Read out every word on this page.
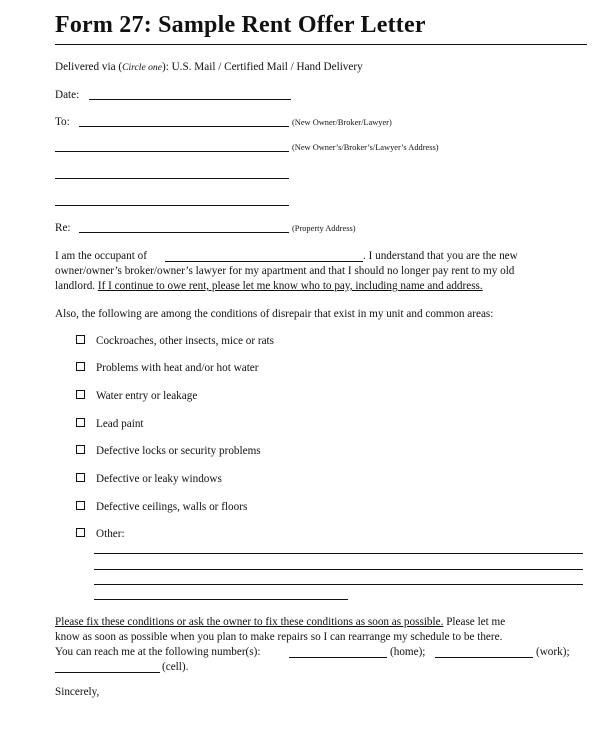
Form 27: Sample Rent Offer Letter
Delivered via (Circle one): U.S. Mail / Certified Mail / Hand Delivery
Date:
To:	(New Owner/Broker/Lawyer)
(New Owner’s/Broker’s/Lawyer’s Address)
Re:	(Property Address)
I am the occupant of	. I understand that you are the new
owner/owner’s broker/owner’s lawyer for my apartment and that I should no longer pay rent to my old
landlord. If I continue to owe rent, please let me know who to pay, including name and address.
Also, the following are among the conditions of disrepair that exist in my unit and common areas:
Cockroaches, other insects, mice or rats
Problems with heat and/or hot water
Water entry or leakage
Lead paint
Defective locks or security problems
Defective or leaky windows
Defective ceilings, walls or floors
Other:
Please fix these conditions or ask the owner to fix these conditions as soon as possible. Please let me
know as soon as possible when you plan to make repairs so I can rearrange my schedule to be there.
You can reach me at the following number(s):	(home);	(work);
(cell).
Sincerely,
